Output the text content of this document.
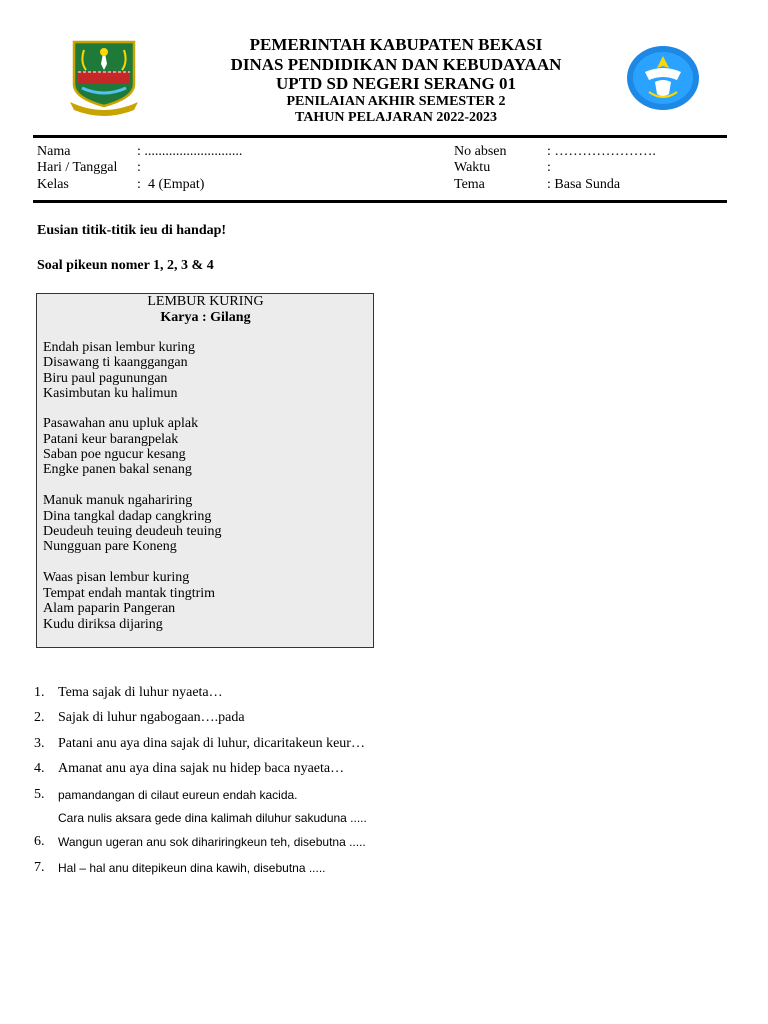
PEMERINTAH KABUPATEN BEKASI
DINAS PENDIDIKAN DAN KEBUDAYAAN
UPTD SD NEGERI SERANG 01
PENILAIAN AKHIR SEMESTER 2
TAHUN PELAJARAN 2022-2023
Nama	: ............................
Hari / Tanggal :
Kelas	: 4 (Empat)
No absen	: ………………….
Waktu	:
Tema	: Basa Sunda
Eusian titik-titik ieu di handap!
Soal pikeun nomer 1, 2, 3 & 4
LEMBUR KURING
Karya : Gilang
Endah pisan lembur kuring
Disawang ti kaanggangan
Biru paul pagunungan
Kasimbutan ku halimun
Pasawahan anu upluk aplak
Patani keur barangpelak
Saban poe ngucur kesang
Engke panen bakal senang
Manuk manuk ngahariring
Dina tangkal dadap cangkring
Deudeuh teuing deudeuh teuing
Nungguan pare Koneng
Waas pisan lembur kuring
Tempat endah mantak tingtrim
Alam paparin Pangeran
Kudu diriksa dijaring
1. Tema sajak di luhur nyaeta…
2. Sajak di luhur ngabogaan….pada
3. Patani anu aya dina sajak di luhur, dicaritakeun keur…
4. Amanat anu aya dina sajak nu hidep baca nyaeta…
5. pamandangan di cilaut eureun endah kacida.
Cara nulis aksara gede dina kalimah diluhur sakuduna .....
6. Wangun ugeran anu sok dihariringkeun teh, disebutna .....
7. Hal – hal anu ditepikeun dina kawih, disebutna .....
